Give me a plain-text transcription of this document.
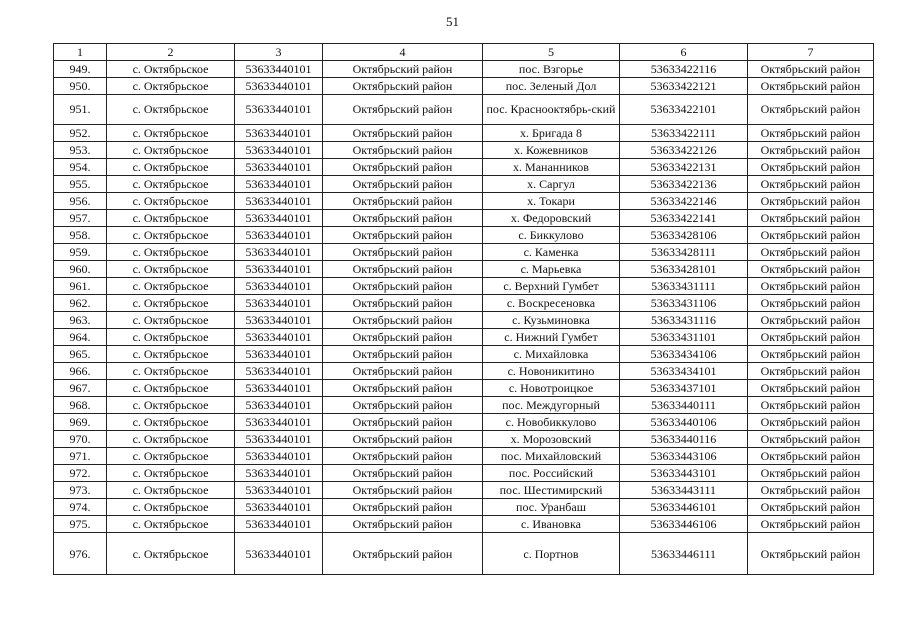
51
1	2	3	4	5	6	7
949.	с. Октябрьское	53633440101	Октябрьский район	пос. Взгорье	53633422116	Октябрьский район
950.	с. Октябрьское	53633440101	Октябрьский район	пос. Зеленый Дол	53633422121	Октябрьский район
951.	с. Октябрьское	53633440101	Октябрьский район	пос. Краснооктябрь-ский	53633422101	Октябрьский район
952.	с. Октябрьское	53633440101	Октябрьский район	х. Бригада 8	53633422111	Октябрьский район
953.	с. Октябрьское	53633440101	Октябрьский район	х. Кожевников	53633422126	Октябрьский район
954.	с. Октябрьское	53633440101	Октябрьский район	х. Мананников	53633422131	Октябрьский район
955.	с. Октябрьское	53633440101	Октябрьский район	х. Саргул	53633422136	Октябрьский район
956.	с. Октябрьское	53633440101	Октябрьский район	х. Токари	53633422146	Октябрьский район
957.	с. Октябрьское	53633440101	Октябрьский район	х. Федоровский	53633422141	Октябрьский район
958.	с. Октябрьское	53633440101	Октябрьский район	с. Биккулово	53633428106	Октябрьский район
959.	с. Октябрьское	53633440101	Октябрьский район	с. Каменка	53633428111	Октябрьский район
960.	с. Октябрьское	53633440101	Октябрьский район	с. Марьевка	53633428101	Октябрьский район
961.	с. Октябрьское	53633440101	Октябрьский район	с. Верхний Гумбет	53633431111	Октябрьский район
962.	с. Октябрьское	53633440101	Октябрьский район	с. Воскресеновка	53633431106	Октябрьский район
963.	с. Октябрьское	53633440101	Октябрьский район	с. Кузьминовка	53633431116	Октябрьский район
964.	с. Октябрьское	53633440101	Октябрьский район	с. Нижний Гумбет	53633431101	Октябрьский район
965.	с. Октябрьское	53633440101	Октябрьский район	с. Михайловка	53633434106	Октябрьский район
966.	с. Октябрьское	53633440101	Октябрьский район	с. Новоникитино	53633434101	Октябрьский район
967.	с. Октябрьское	53633440101	Октябрьский район	с. Новотроицкое	53633437101	Октябрьский район
968.	с. Октябрьское	53633440101	Октябрьский район	пос. Междугорный	53633440111	Октябрьский район
969.	с. Октябрьское	53633440101	Октябрьский район	с. Новобиккулово	53633440106	Октябрьский район
970.	с. Октябрьское	53633440101	Октябрьский район	х. Морозовский	53633440116	Октябрьский район
971.	с. Октябрьское	53633440101	Октябрьский район	пос. Михайловский	53633443106	Октябрьский район
972.	с. Октябрьское	53633440101	Октябрьский район	пос. Российский	53633443101	Октябрьский район
973.	с. Октябрьское	53633440101	Октябрьский район	пос. Шестимирский	53633443111	Октябрьский район
974.	с. Октябрьское	53633440101	Октябрьский район	пос. Уранбаш	53633446101	Октябрьский район
975.	с. Октябрьское	53633440101	Октябрьский район	с. Ивановка	53633446106	Октябрьский район
976.	с. Октябрьское	53633440101	Октябрьский район	с. Портнов	53633446111	Октябрьский район
